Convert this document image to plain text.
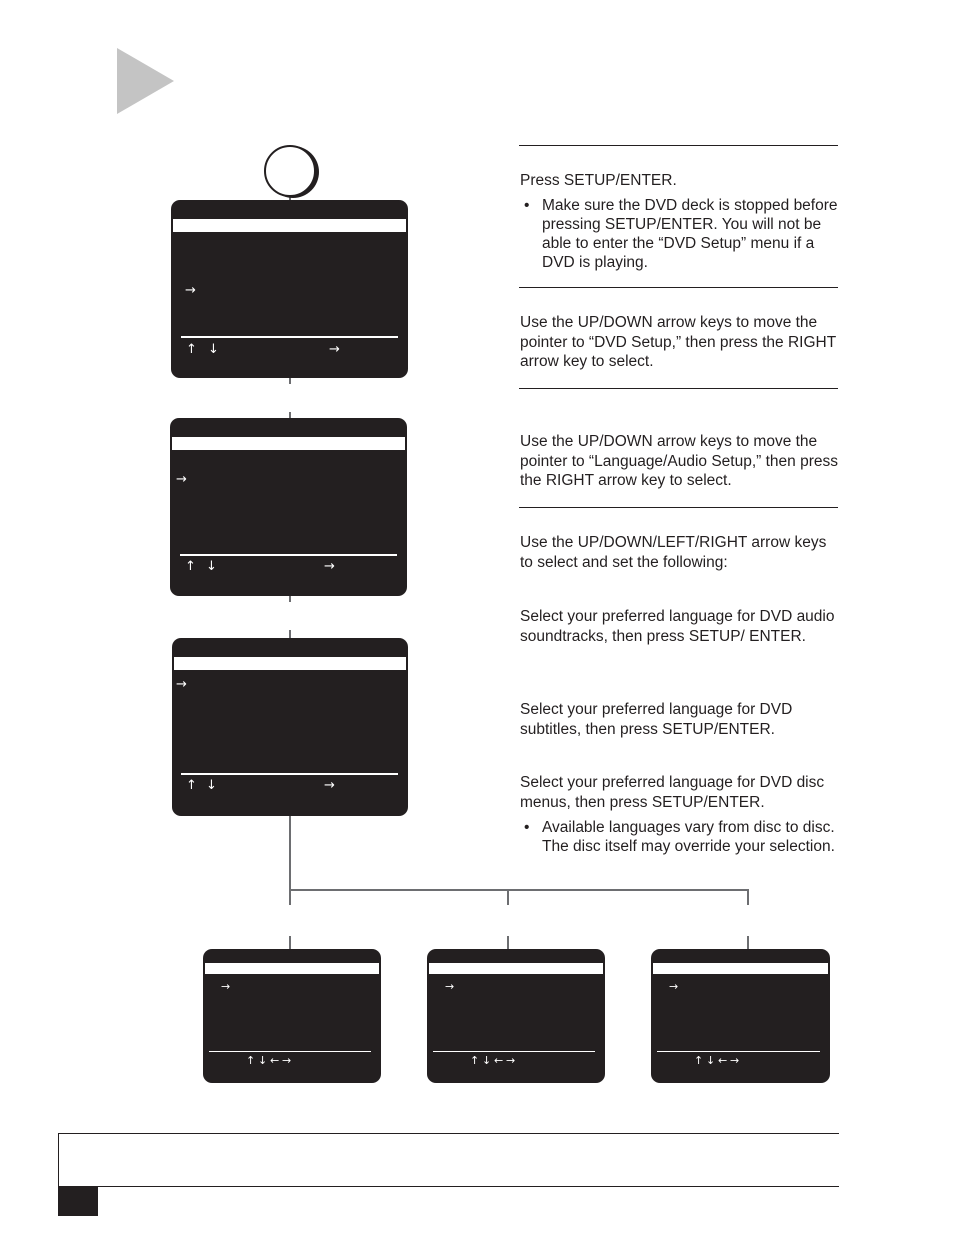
→
↑ ↓	→
→
↑ ↓	→
→
↑ ↓	→
→
↑ ↓ ← →
→
↑ ↓ ← →
→
↑ ↓ ← →

Press SETUP/ENTER.

• Make sure the DVD deck is stopped before pressing SETUP/ENTER. You will not be able to enter the “DVD Setup” menu if a DVD is playing.

Use the UP/DOWN arrow keys to move the pointer to “DVD Setup,” then press the RIGHT arrow key to select.

Use the UP/DOWN arrow keys to move the pointer to “Language/Audio Setup,” then press the RIGHT arrow key to select.

Use the UP/DOWN/LEFT/RIGHT arrow keys to select and set the following:

Select your preferred language for DVD audio soundtracks, then press SETUP/ ENTER.

Select your preferred language for DVD subtitles, then press SETUP/ENTER.

Select your preferred language for DVD disc menus, then press SETUP/ENTER.

• Available languages vary from disc to disc. The disc itself may override your selection.
